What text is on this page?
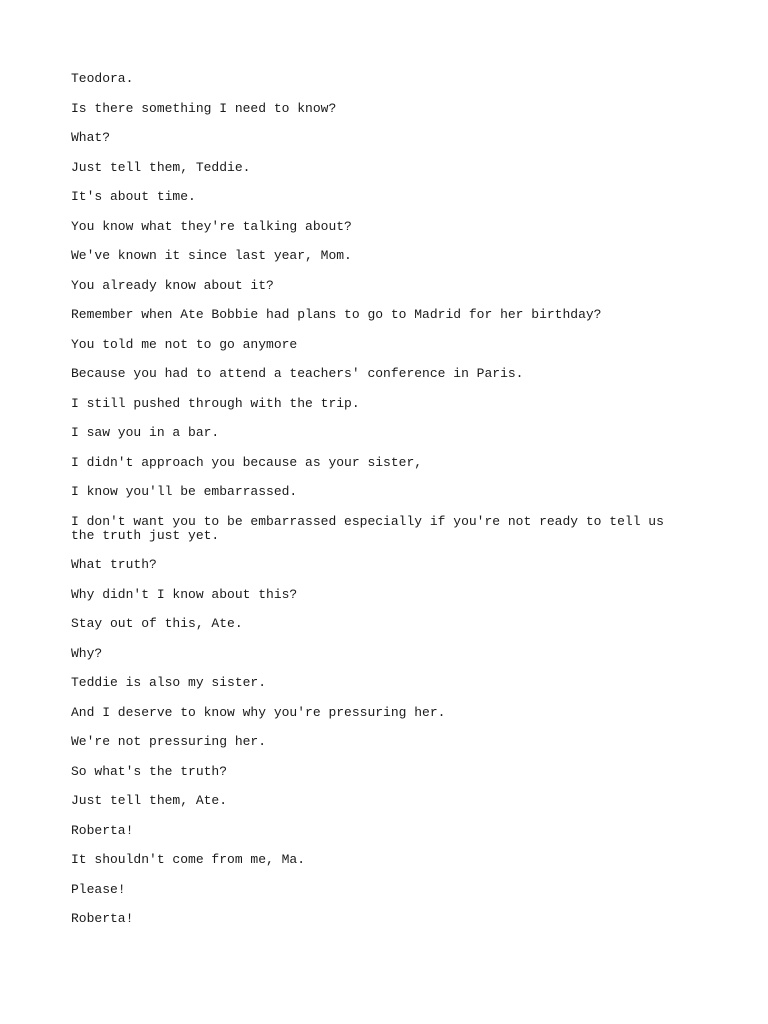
Teodora.
Is there something I need to know?
What?
Just tell them, Teddie.
It's about time.
You know what they're talking about?
We've known it since last year, Mom.
You already know about it?
Remember when Ate Bobbie had plans to go to Madrid for her birthday?
You told me not to go anymore
Because you had to attend a teachers' conference in Paris.
I still pushed through with the trip.
I saw you in a bar.
I didn't approach you because as your sister,
I know you'll be embarrassed.
I don't want you to be embarrassed especially if you're not ready to tell us the truth just yet.
What truth?
Why didn't I know about this?
Stay out of this, Ate.
Why?
Teddie is also my sister.
And I deserve to know why you're pressuring her.
We're not pressuring her.
So what's the truth?
Just tell them, Ate.
Roberta!
It shouldn't come from me, Ma.
Please!
Roberta!
